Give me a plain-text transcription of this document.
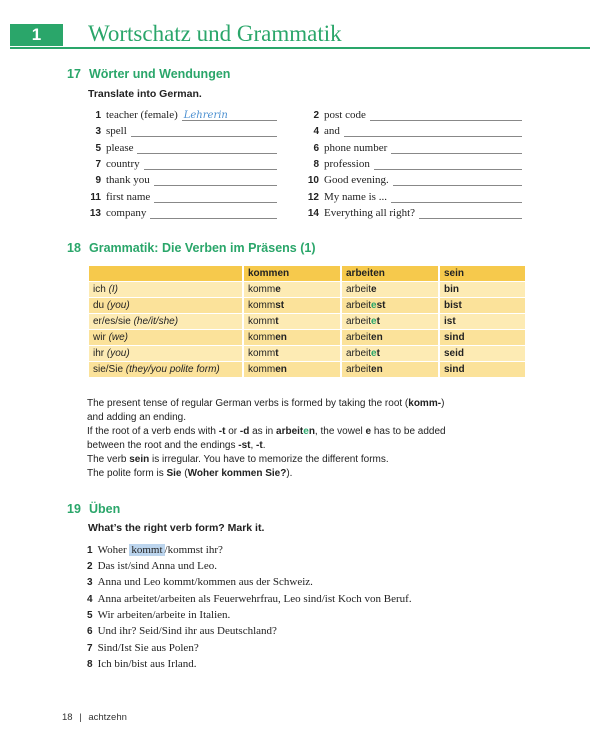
1	Wortschatz und Grammatik
17 Wörter und Wendungen
Translate into German.
1 teacher (female) Lehrerin	2 post code
3 spell	4 and
5 please	6 phone number
7 country	8 profession
9 thank you	10 Good evening.
11 first name	12 My name is ...
13 company	14 Everything all right?
18 Grammatik: Die Verben im Präsens (1)
	kommen	arbeiten	sein
ich (I)	komme	arbeite	bin
du (you)	kommst	arbeitest	bist
er/es/sie (he/it/she)	kommt	arbeitet	ist
wir (we)	kommen	arbeiten	sind
ihr (you)	kommt	arbeitet	seid
sie/Sie (they/you polite form)	kommen	arbeiten	sind
The present tense of regular German verbs is formed by taking the root (komm-)
and adding an ending.
If the root of a verb ends with -t or -d as in arbeiten, the vowel e has to be added
between the root and the endings -st, -t.
The verb sein is irregular. You have to memorize the different forms.
The polite form is Sie (Woher kommen Sie?).
19 Üben
What’s the right verb form? Mark it.
1 Woher kommt /kommst ihr?
2 Das ist/sind Anna und Leo.
3 Anna und Leo kommt/kommen aus der Schweiz.
4 Anna arbeitet/arbeiten als Feuerwehrfrau, Leo sind/ist Koch von Beruf.
5 Wir arbeiten/arbeite in Italien.
6 Und ihr? Seid/Sind ihr aus Deutschland?
7 Sind/Ist Sie aus Polen?
8 Ich bin/bist aus Irland.
18 | achtzehn
